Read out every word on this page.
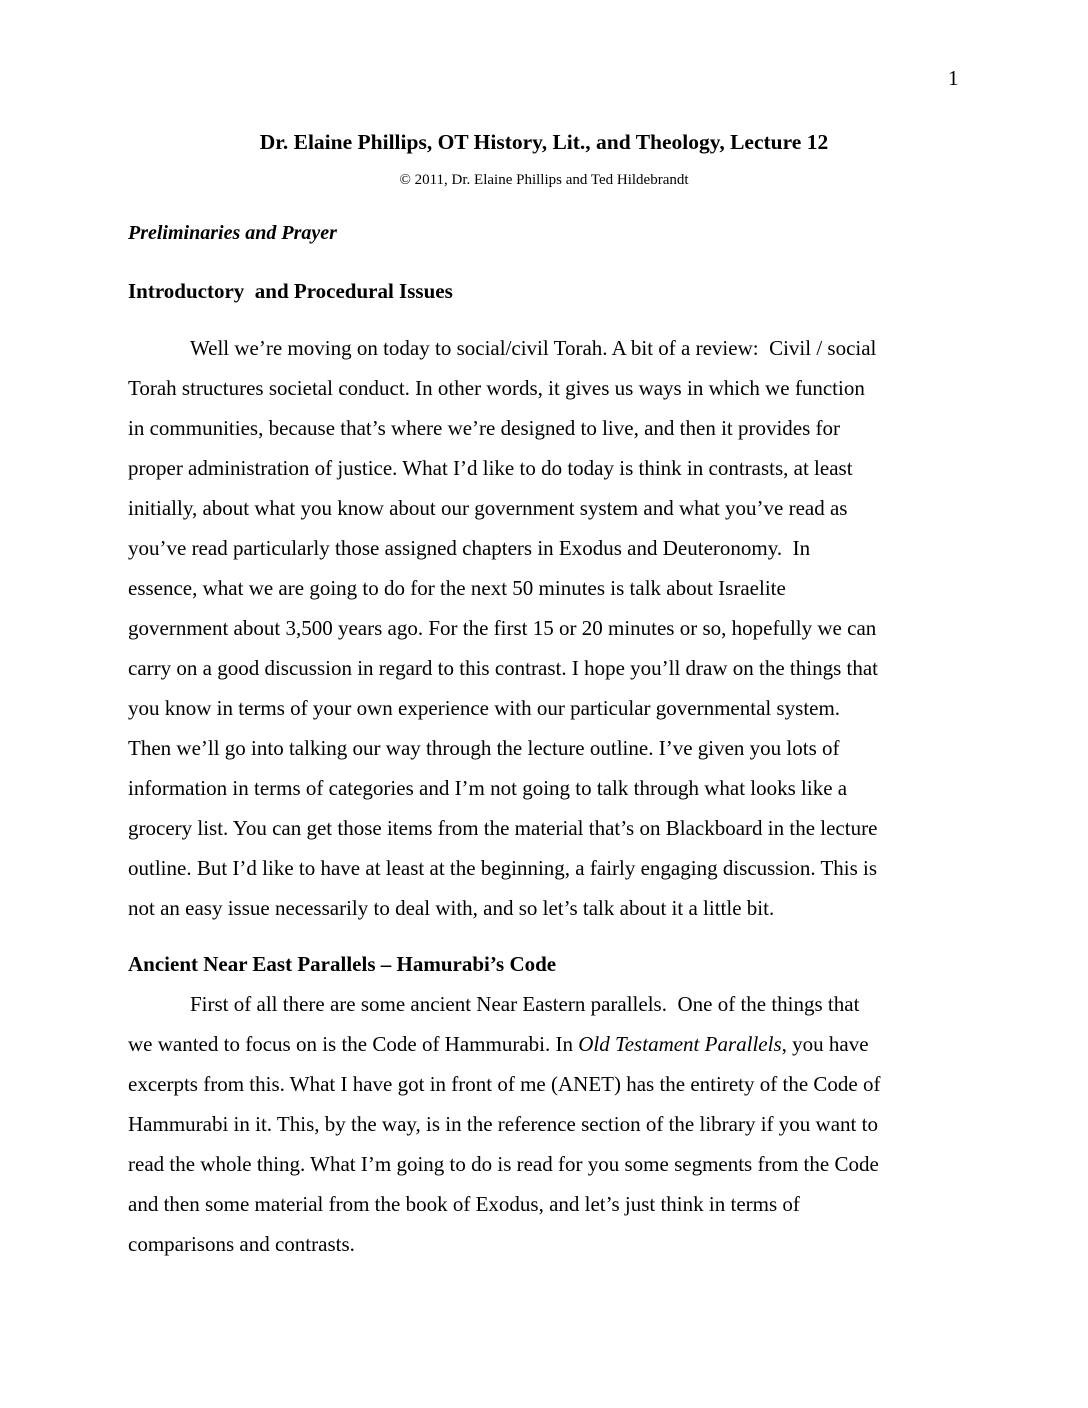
1
Dr. Elaine Phillips, OT History, Lit., and Theology, Lecture 12
© 2011, Dr. Elaine Phillips and Ted Hildebrandt
Preliminaries and Prayer
Introductory  and Procedural Issues
Well we’re moving on today to social/civil Torah. A bit of a review:  Civil / social
Torah structures societal conduct. In other words, it gives us ways in which we function
in communities, because that’s where we’re designed to live, and then it provides for
proper administration of justice. What I’d like to do today is think in contrasts, at least
initially, about what you know about our government system and what you’ve read as
you’ve read particularly those assigned chapters in Exodus and Deuteronomy.  In
essence, what we are going to do for the next 50 minutes is talk about Israelite
government about 3,500 years ago. For the first 15 or 20 minutes or so, hopefully we can
carry on a good discussion in regard to this contrast. I hope you’ll draw on the things that
you know in terms of your own experience with our particular governmental system.
Then we’ll go into talking our way through the lecture outline. I’ve given you lots of
information in terms of categories and I’m not going to talk through what looks like a
grocery list. You can get those items from the material that’s on Blackboard in the lecture
outline. But I’d like to have at least at the beginning, a fairly engaging discussion. This is
not an easy issue necessarily to deal with, and so let’s talk about it a little bit.
Ancient Near East Parallels – Hamurabi’s Code
First of all there are some ancient Near Eastern parallels.  One of the things that
we wanted to focus on is the Code of Hammurabi. In Old Testament Parallels, you have
excerpts from this. What I have got in front of me (ANET) has the entirety of the Code of
Hammurabi in it. This, by the way, is in the reference section of the library if you want to
read the whole thing. What I’m going to do is read for you some segments from the Code
and then some material from the book of Exodus, and let’s just think in terms of
comparisons and contrasts.
